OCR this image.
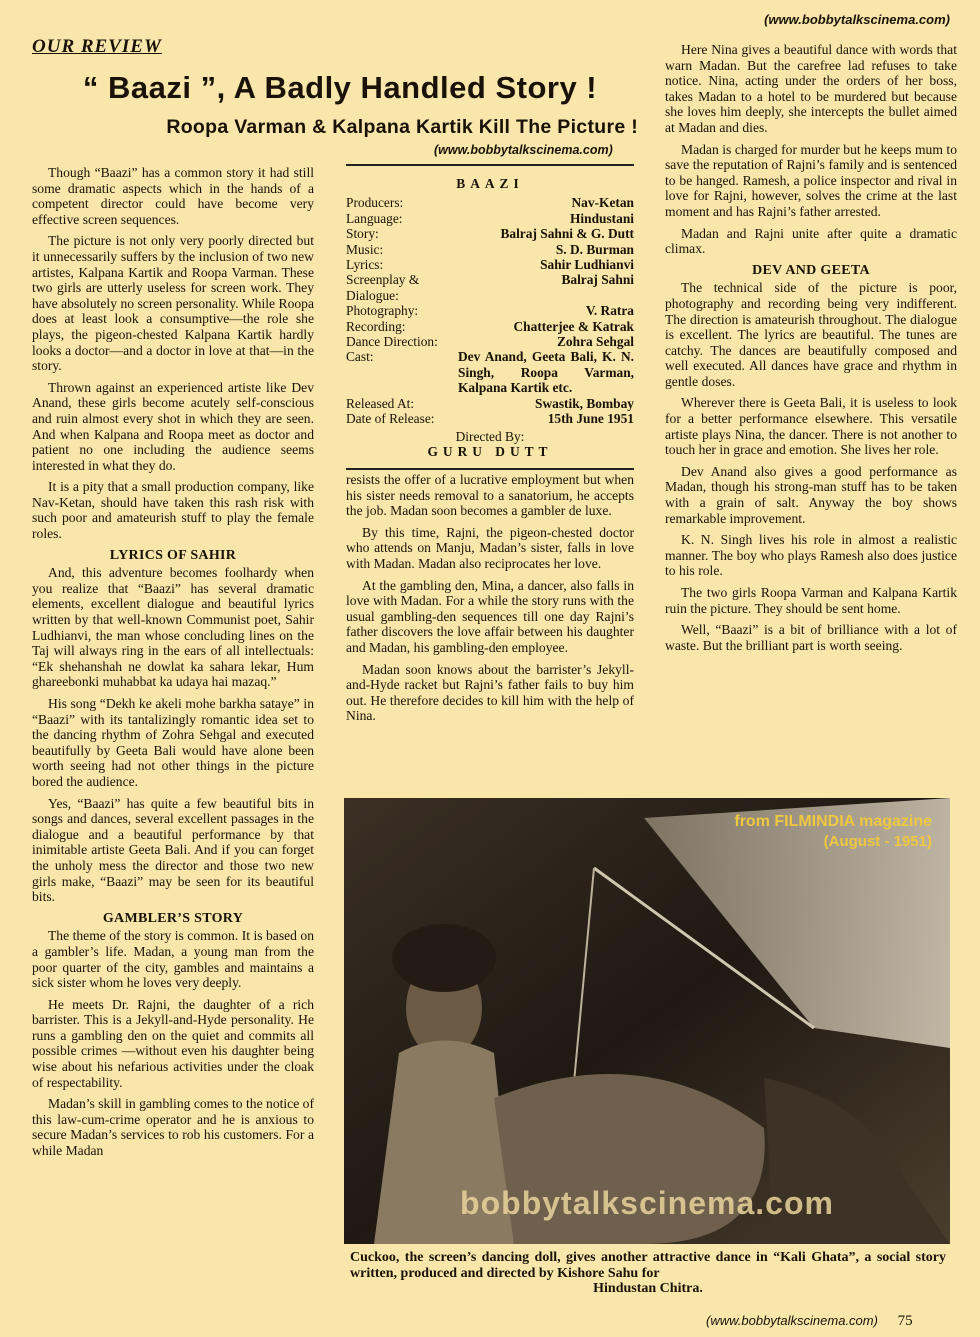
(www.bobbytalkscinema.com)
OUR REVIEW
“ Baazi ”, A Badly Handled Story !
Roopa Varman & Kalpana Kartik Kill The Picture !
(www.bobbytalkscinema.com)
BAAZI
Producers:	Nav-Ketan
Language:	Hindustani
Story:	Balraj Sahni & G. Dutt
Music:	S. D. Burman
Lyrics:	Sahir Ludhianvi
Screenplay & Dialogue:
Balraj Sahni
Photography:	V. Ratra
Recording:	Chatterjee & Katrak
Dance Direction:	Zohra Sehgal
Cast:	Dev Anand, Geeta Bali, K. N. Singh, Roopa Varman, Kalpana Kartik etc.
Released At:	Swastik, Bombay
Date of Release:	15th June 1951
Directed By:
GURU DUTT

Though “Baazi” has a common story it had still some dramatic aspects which in the hands of a competent director could have become very effective screen sequences.

The picture is not only very poorly directed but it unnecessarily suffers by the inclusion of two new artistes, Kalpana Kartik and Roopa Varman. These two girls are utterly useless for screen work. They have absolutely no screen personality. While Roopa does at least look a consumptive—the role she plays, the pigeon-chested Kalpana Kartik hardly looks a doctor—and a doctor in love at that—in the story.

Thrown against an experienced artiste like Dev Anand, these girls become acutely self-conscious and ruin almost every shot in which they are seen. And when Kalpana and Roopa meet as doctor and patient no one including the audience seems interested in what they do.

It is a pity that a small production company, like Nav-Ketan, should have taken this rash risk with such poor and amateurish stuff to play the female roles.

LYRICS OF SAHIR

And, this adventure becomes foolhardy when you realize that “Baazi” has several dramatic elements, excellent dialogue and beautiful lyrics written by that well-known Communist poet, Sahir Ludhianvi, the man whose concluding lines on the Taj will always ring in the ears of all intellectuals: “Ek shehanshah ne dowlat ka sahara lekar, Hum ghareebonki muhabbat ka udaya hai mazaq.”

His song “Dekh ke akeli mohe barkha sataye” in “Baazi” with its tantalizingly romantic idea set to the dancing rhythm of Zohra Sehgal and executed beautifully by Geeta Bali would have alone been worth seeing had not other things in the picture bored the audience.

Yes, “Baazi” has quite a few beautiful bits in songs and dances, several excellent passages in the dialogue and a beautiful performance by that inimitable artiste Geeta Bali. And if you can forget the unholy mess the director and those two new girls make, “Baazi” may be seen for its beautiful bits.

GAMBLER’S STORY

The theme of the story is common. It is based on a gambler’s life. Madan, a young man from the poor quarter of the city, gambles and maintains a sick sister whom he loves very deeply.

He meets Dr. Rajni, the daughter of a rich barrister. This is a Jekyll-and-Hyde personality. He runs a gambling den on the quiet and commits all possible crimes —without even his daughter being wise about his nefarious activities under the cloak of respectability.

Madan’s skill in gambling comes to the notice of this law-cum-crime operator and he is anxious to secure Madan’s services to rob his customers. For a while Madan

resists the offer of a lucrative employment but when his sister needs removal to a sanatorium, he accepts the job. Madan soon becomes a gambler de luxe.

By this time, Rajni, the pigeon-chested doctor who attends on Manju, Madan’s sister, falls in love with Madan. Madan also reciprocates her love.

At the gambling den, Mina, a dancer, also falls in love with Madan. For a while the story runs with the usual gambling-den sequences till one day Rajni’s father discovers the love affair between his daughter and Madan, his gambling-den employee.

Madan soon knows about the barrister’s Jekyll-and-Hyde racket but Rajni’s father fails to buy him out. He therefore decides to kill him with the help of Nina.

Here Nina gives a beautiful dance with words that warn Madan. But the carefree lad refuses to take notice. Nina, acting under the orders of her boss, takes Madan to a hotel to be murdered but because she loves him deeply, she intercepts the bullet aimed at Madan and dies.

Madan is charged for murder but he keeps mum to save the reputation of Rajni’s family and is sentenced to be hanged. Ramesh, a police inspector and rival in love for Rajni, however, solves the crime at the last moment and has Rajni’s father arrested.

Madan and Rajni unite after quite a dramatic climax.

DEV AND GEETA

The technical side of the picture is poor, photography and recording being very indifferent. The direction is amateurish throughout. The dialogue is excellent. The lyrics are beautiful. The tunes are catchy. The dances are beautifully composed and well executed. All dances have grace and rhythm in gentle doses.

Wherever there is Geeta Bali, it is useless to look for a better performance elsewhere. This versatile artiste plays Nina, the dancer. There is not another to touch her in grace and emotion. She lives her role.

Dev Anand also gives a good performance as Madan, though his strong-man stuff has to be taken with a grain of salt. Anyway the boy shows remarkable improvement.

K. N. Singh lives his role in almost a realistic manner. The boy who plays Ramesh also does justice to his role.

The two girls Roopa Varman and Kalpana Kartik ruin the picture. They should be sent home.

Well, “Baazi” is a bit of brilliance with a lot of waste. But the brilliant part is worth seeing.

from FILMINDIA magazine
(August - 1951)
bobbytalkscinema.com
Cuckoo, the screen’s dancing doll, gives another attractive dance in “Kali Ghata”, a social story written, produced and directed by Kishore Sahu for
Hindustan Chitra.
(www.bobbytalkscinema.com) 75
